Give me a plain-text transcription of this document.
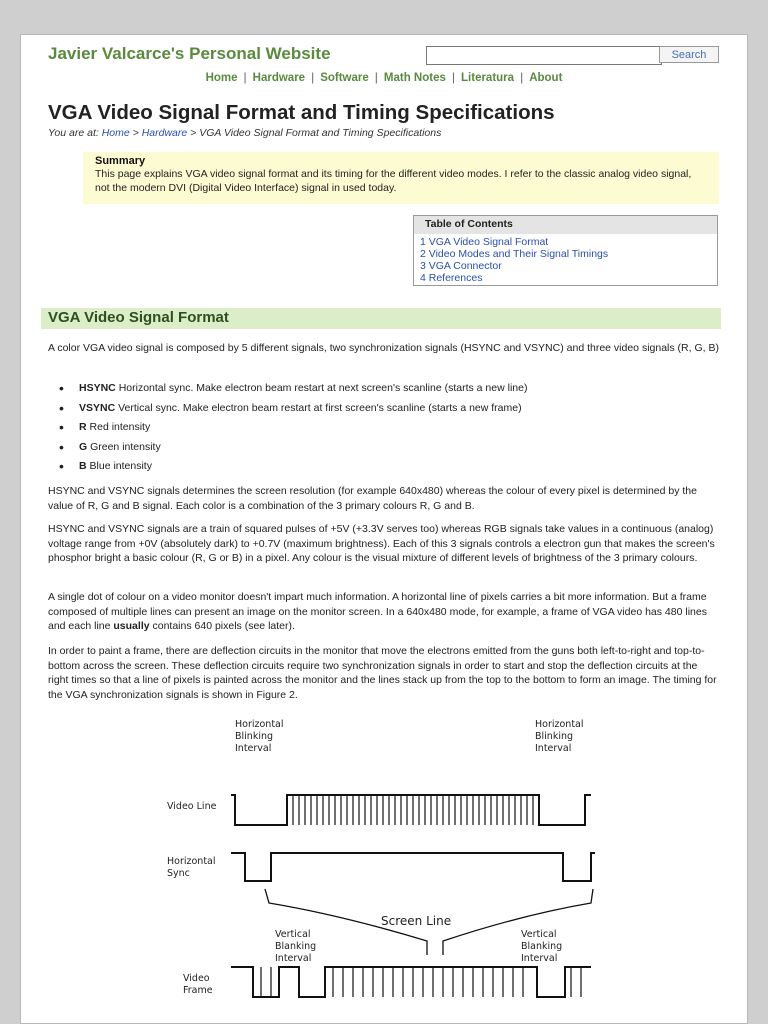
Javier Valcarce's Personal Website	Search
Home | Hardware | Software | Math Notes | Literatura | About
VGA Video Signal Format and Timing Specifications
You are at: Home > Hardware > VGA Video Signal Format and Timing Specifications
Summary
This page explains VGA video signal format and its timing for the different video modes. I refer to the classic analog video signal, not the modern DVI (Digital Video Interface) signal in used today.
Table of Contents
1 VGA Video Signal Format
2 Video Modes and Their Signal Timings
3 VGA Connector
4 References
VGA Video Signal Format

A color VGA video signal is composed by 5 different signals, two synchronization signals (HSYNC and VSYNC) and three video signals (R, G, B)

• HSYNC Horizontal sync. Make electron beam restart at next screen's scanline (starts a new line)
• VSYNC Vertical sync. Make electron beam restart at first screen's scanline (starts a new frame)
• R Red intensity
• G Green intensity
• B Blue intensity

HSYNC and VSYNC signals determines the screen resolution (for example 640x480) whereas the colour of every pixel is determined by the value of R, G and B signal. Each color is a combination of the 3 primary colours R, G and B.

HSYNC and VSYNC signals are a train of squared pulses of +5V (+3.3V serves too) whereas RGB signals take values in a continuous (analog) voltage range from +0V (absolutely dark) to +0.7V (maximum brightness). Each of this 3 signals controls a electron gun that makes the screen's phosphor bright a basic colour (R, G or B) in a pixel. Any colour is the visual mixture of different levels of brightness of the 3 primary colours.

A single dot of colour on a video monitor doesn't impart much information. A horizontal line of pixels carries a bit more information. But a frame composed of multiple lines can present an image on the monitor screen. In a 640x480 mode, for example, a frame of VGA video has 480 lines and each line usually contains 640 pixels (see later).

In order to paint a frame, there are deflection circuits in the monitor that move the electrons emitted from the guns both left-to-right and top-to-bottom across the screen. These deflection circuits require two synchronization signals in order to start and stop the deflection circuits at the right times so that a line of pixels is painted across the monitor and the lines stack up from the top to the bottom to form an image. The timing for the VGA synchronization signals is shown in Figure 2.

Horizontal
Blinking
Interval
Horizontal
Blinking
Interval
Video Line
Horizontal
Sync
Screen Line
Vertical
Blanking
Interval
Vertical
Blanking
Interval
Video
Frame
